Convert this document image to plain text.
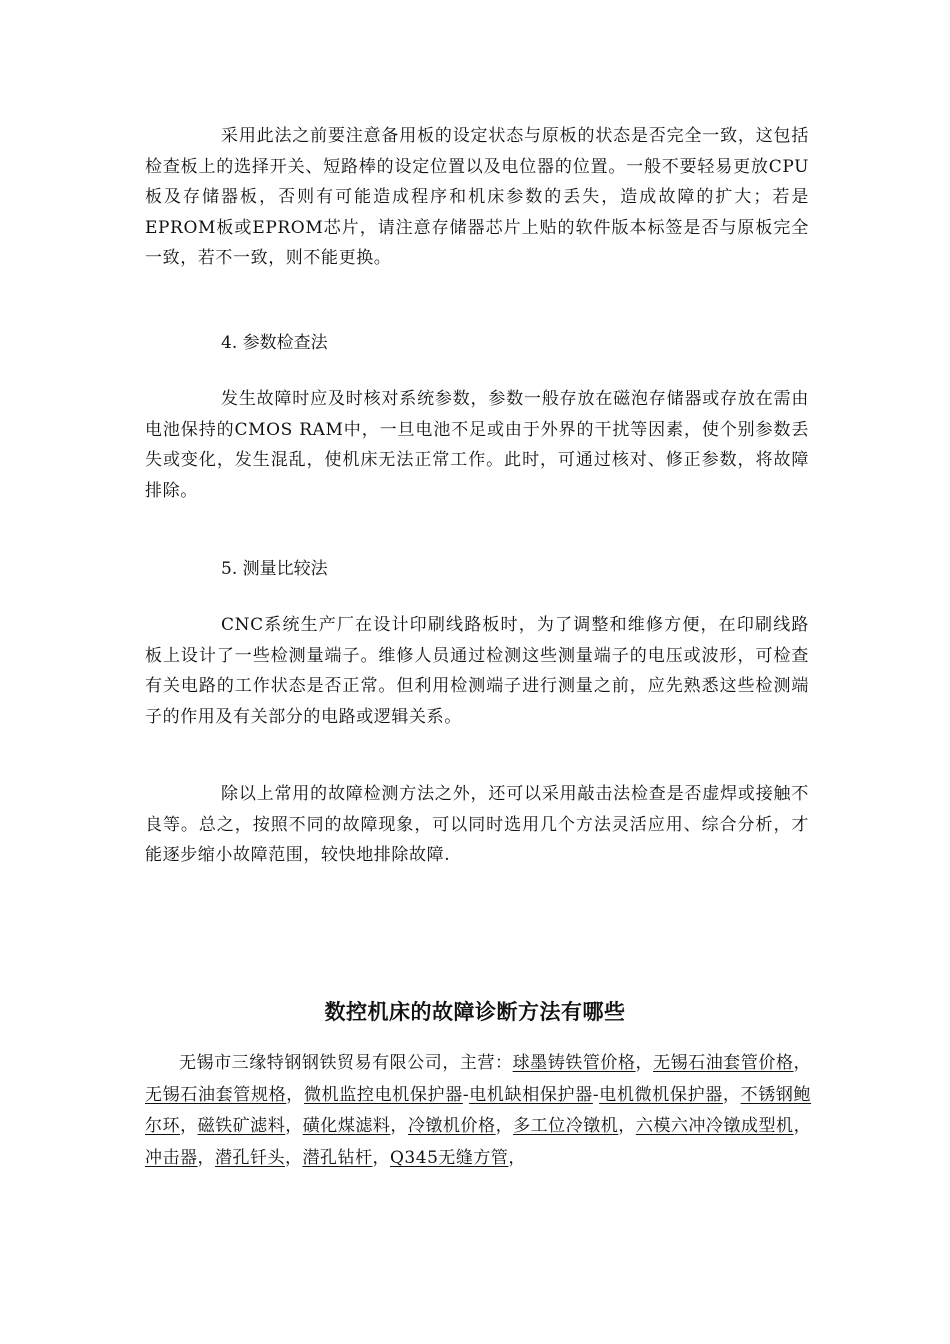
采用此法之前要注意备用板的设定状态与原板的状态是否完全一致，这包括检查板上的选择开关、短路棒的设定位置以及电位器的位置。一般不要轻易更放CPU板及存储器板，否则有可能造成程序和机床参数的丢失，造成故障的扩大；若是EPROM板或EPROM芯片，请注意存储器芯片上贴的软件版本标签是否与原板完全一致，若不一致，则不能更换。

4. 参数检查法

发生故障时应及时核对系统参数，参数一般存放在磁泡存储器或存放在需由电池保持的CMOS RAM中，一旦电池不足或由于外界的干扰等因素，使个别参数丢失或变化，发生混乱，使机床无法正常工作。此时，可通过核对、修正参数，将故障排除。

5. 测量比较法

CNC系统生产厂在设计印刷线路板时，为了调整和维修方便，在印刷线路板上设计了一些检测量端子。维修人员通过检测这些测量端子的电压或波形，可检查有关电路的工作状态是否正常。但利用检测端子进行测量之前，应先熟悉这些检测端子的作用及有关部分的电路或逻辑关系。

除以上常用的故障检测方法之外，还可以采用敲击法检查是否虚焊或接触不良等。总之，按照不同的故障现象，可以同时选用几个方法灵活应用、综合分析，才能逐步缩小故障范围，较快地排除故障.

数控机床的故障诊断方法有哪些

无锡市三缘特钢钢铁贸易有限公司，主营：球墨铸铁管价格，无锡石油套管价格，无锡石油套管规格，微机监控电机保护器-电机缺相保护器-电机微机保护器，不锈钢鲍尔环，磁铁矿滤料，磺化煤滤料，冷镦机价格，多工位冷镦机，六模六冲冷镦成型机，冲击器，潜孔钎头，潜孔钻杆，Q345无缝方管，
